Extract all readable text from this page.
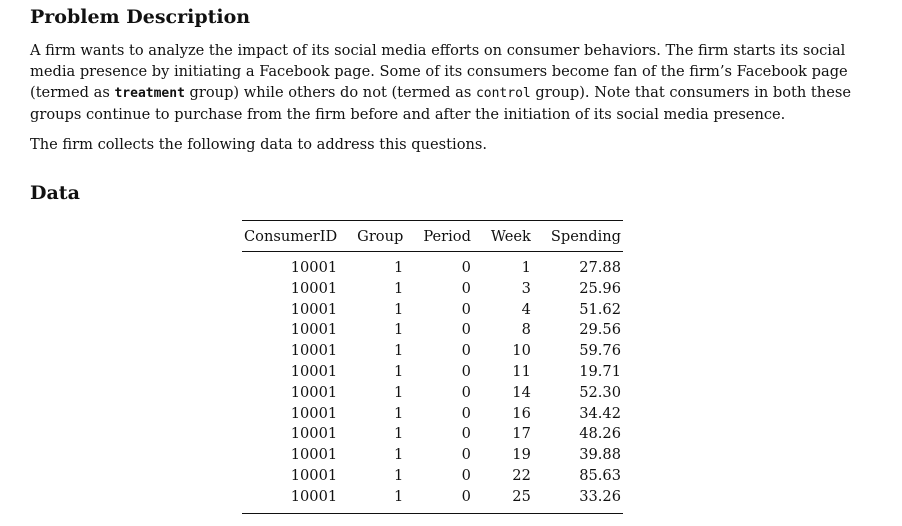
Problem Description

A firm wants to analyze the impact of its social media efforts on consumer behaviors. The firm starts its social media presence by initiating a Facebook page. Some of its consumers become fan of the firm’s Facebook page (termed as treatment group) while others do not (termed as control group). Note that consumers in both these groups continue to purchase from the firm before and after the initiation of its social media presence.

The firm collects the following data to address this questions.

Data
ConsumerID	Group	Period	Week	Spending
10001	1	0	1	27.88
10001	1	0	3	25.96
10001	1	0	4	51.62
10001	1	0	8	29.56
10001	1	0	10	59.76
10001	1	0	11	19.71
10001	1	0	14	52.30
10001	1	0	16	34.42
10001	1	0	17	48.26
10001	1	0	19	39.88
10001	1	0	22	85.63
10001	1	0	25	33.26
